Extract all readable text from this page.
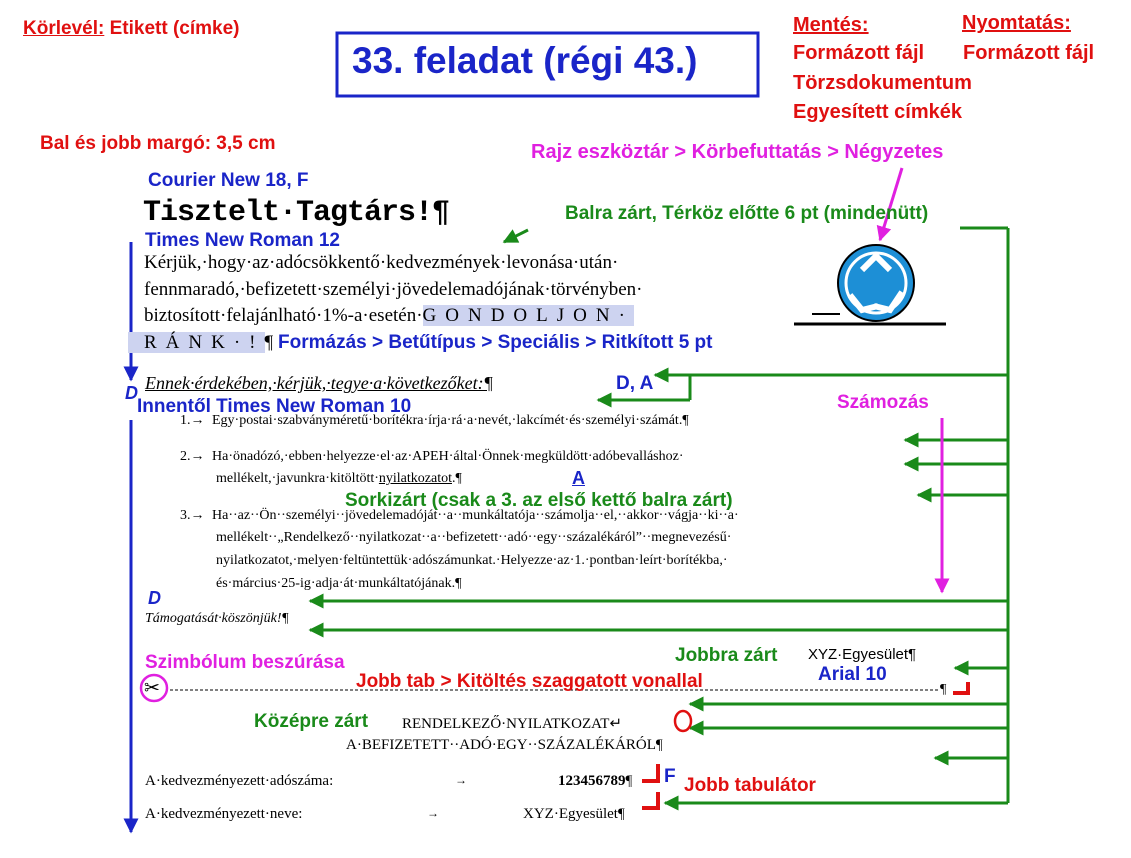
Körlevél: Etikett (címke)
33. feladat (régi 43.)
Mentés:
Formázott fájl
Törzsdokumentum
Egyesített címkék
Nyomtatás:
Formázott fájl
Bal és jobb margó: 3,5 cm	Rajz eszköztár > Körbefuttatás > Négyzetes
Courier New 18, F
Tisztelt·Tagtárs!¶	Balra zárt, Térköz előtte 6 pt (mindenütt)
Times New Roman 12
Kérjük,·hogy·az·adócsökkentő·kedvezmények·levonása·után·
fennmaradó,·befizetett·személyi·jövedelemadójának·törvényben·
biztosított·felajánlható·1%-a·esetén·GONDOLJON·
RÁNK·!¶ Formázás > Betűtípus > Speciális > Ritkított 5 pt
Ennek·érdekében,·kérjük,·tegye·a·következőket:¶	D, A
D
Innentől Times New Roman 10	Számozás
1.→ Egy·postai·szabványméretű·borítékra·írja·rá·a·nevét,·lakcímét·és·személyi·számát.¶
2.→ Ha·önadózó,·ebben·helyezze·el·az·APEH·által·Önnek·megküldött·adóbevalláshoz·
mellékelt,·javunkra·kitöltött·nyilatkozatot.¶	A
Sorkizárt (csak a 3. az első kettő balra zárt)
3.→ Ha··az··Ön··személyi··jövedelemadóját··a··munkáltatója··számolja··el,··akkor··vágja··ki··a·
mellékelt··„Rendelkező··nyilatkozat··a··befizetett··adó··egy··százalékáról”··megnevezésű·
nyilatkozatot,·melyen·feltüntettük·adószámunkat.·Helyezze·az·1.·pontban·leírt·borítékba,·
és·március·25-ig·adja·át·munkáltatójának.¶
D
Támogatását·köszönjük!¶
Szimbólum beszúrása	Jobbra zárt XYZ·Egyesület¶
Arial 10
✂	Jobb tab > Kitöltés szaggatott vonallal	¶
Középre zárt RENDELKEZŐ·NYILATKOZAT↵
A·BEFIZETETT··ADÓ·EGY··SZÁZALÉKÁRÓL¶
A·kedvezményezett·adószáma:	→	123456789¶ F Jobb tabulátor
A·kedvezményezett·neve:	→	XYZ·Egyesület¶
